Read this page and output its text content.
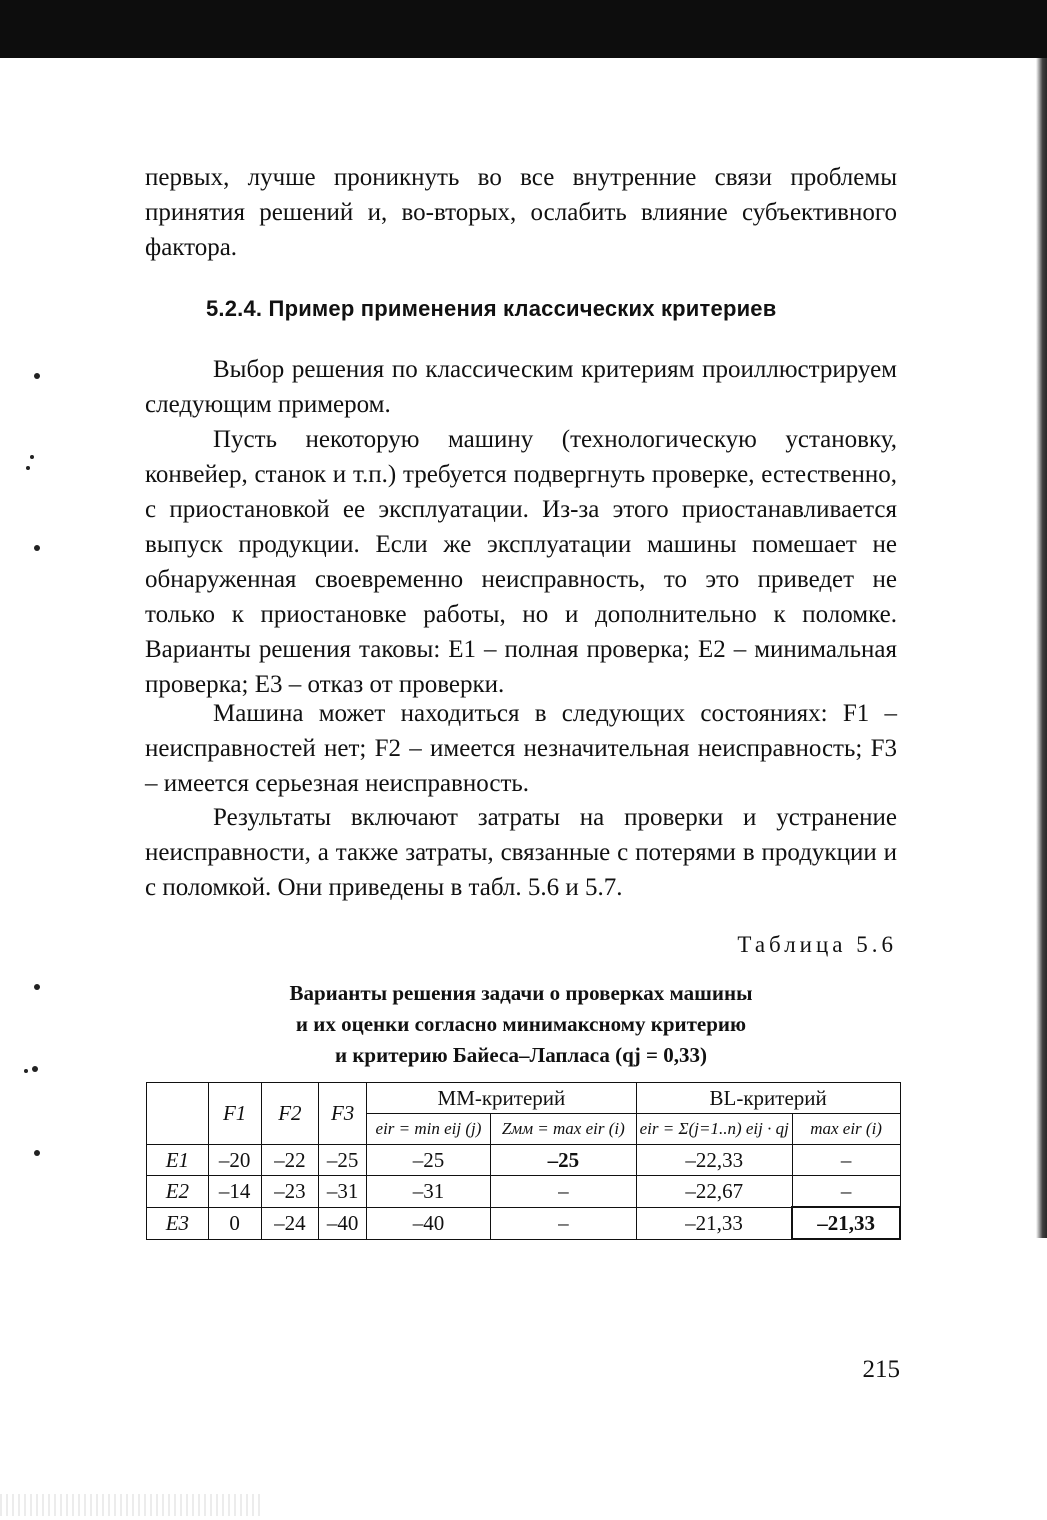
первых, лучше проникнуть во все внутренние связи проблемы принятия решений и, во-вторых, ослабить влияние субъективного фактора.

5.2.4. Пример применения классических критериев

Выбор решения по классическим критериям проиллюстрируем следующим примером.

Пусть некоторую машину (технологическую установку, конвейер, станок и т.п.) требуется подвергнуть проверке, естественно, с приостановкой ее эксплуатации. Из-за этого приостанавливается выпуск продукции. Если же эксплуатации машины помешает не обнаруженная своевременно неисправность, то это приведет не только к приостановке работы, но и дополнительно к поломке. Варианты решения таковы: E1 – полная проверка; E2 – минимальная проверка; E3 – отказ от проверки.

Машина может находиться в следующих состояниях: F1 – неисправностей нет; F2 – имеется незначительная неисправность; F3 – имеется серьезная неисправность.

Результаты включают затраты на проверки и устранение неисправности, а также затраты, связанные с потерями в продукции и с поломкой. Они приведены в табл. 5.6 и 5.7.

Таблица 5.6
Варианты решения задачи о проверках машины
и их оценки согласно минимаксному критерию
и критерию Байеса–Лапласа (qj = 0,33)
	F1	F2	F3	ММ-критерий		BL-критерий	
				eir = min eij (j)	Zмм = max eir (i)	eir = Σ(j=1..n) eij · qj	max eir (i)
E1	–20	–22	–25	–25	–25	–22,33	–
E2	–14	–23	–31	–31	–	–22,67	–
E3	0	–24	–40	–40	–	–21,33	–21,33
215
